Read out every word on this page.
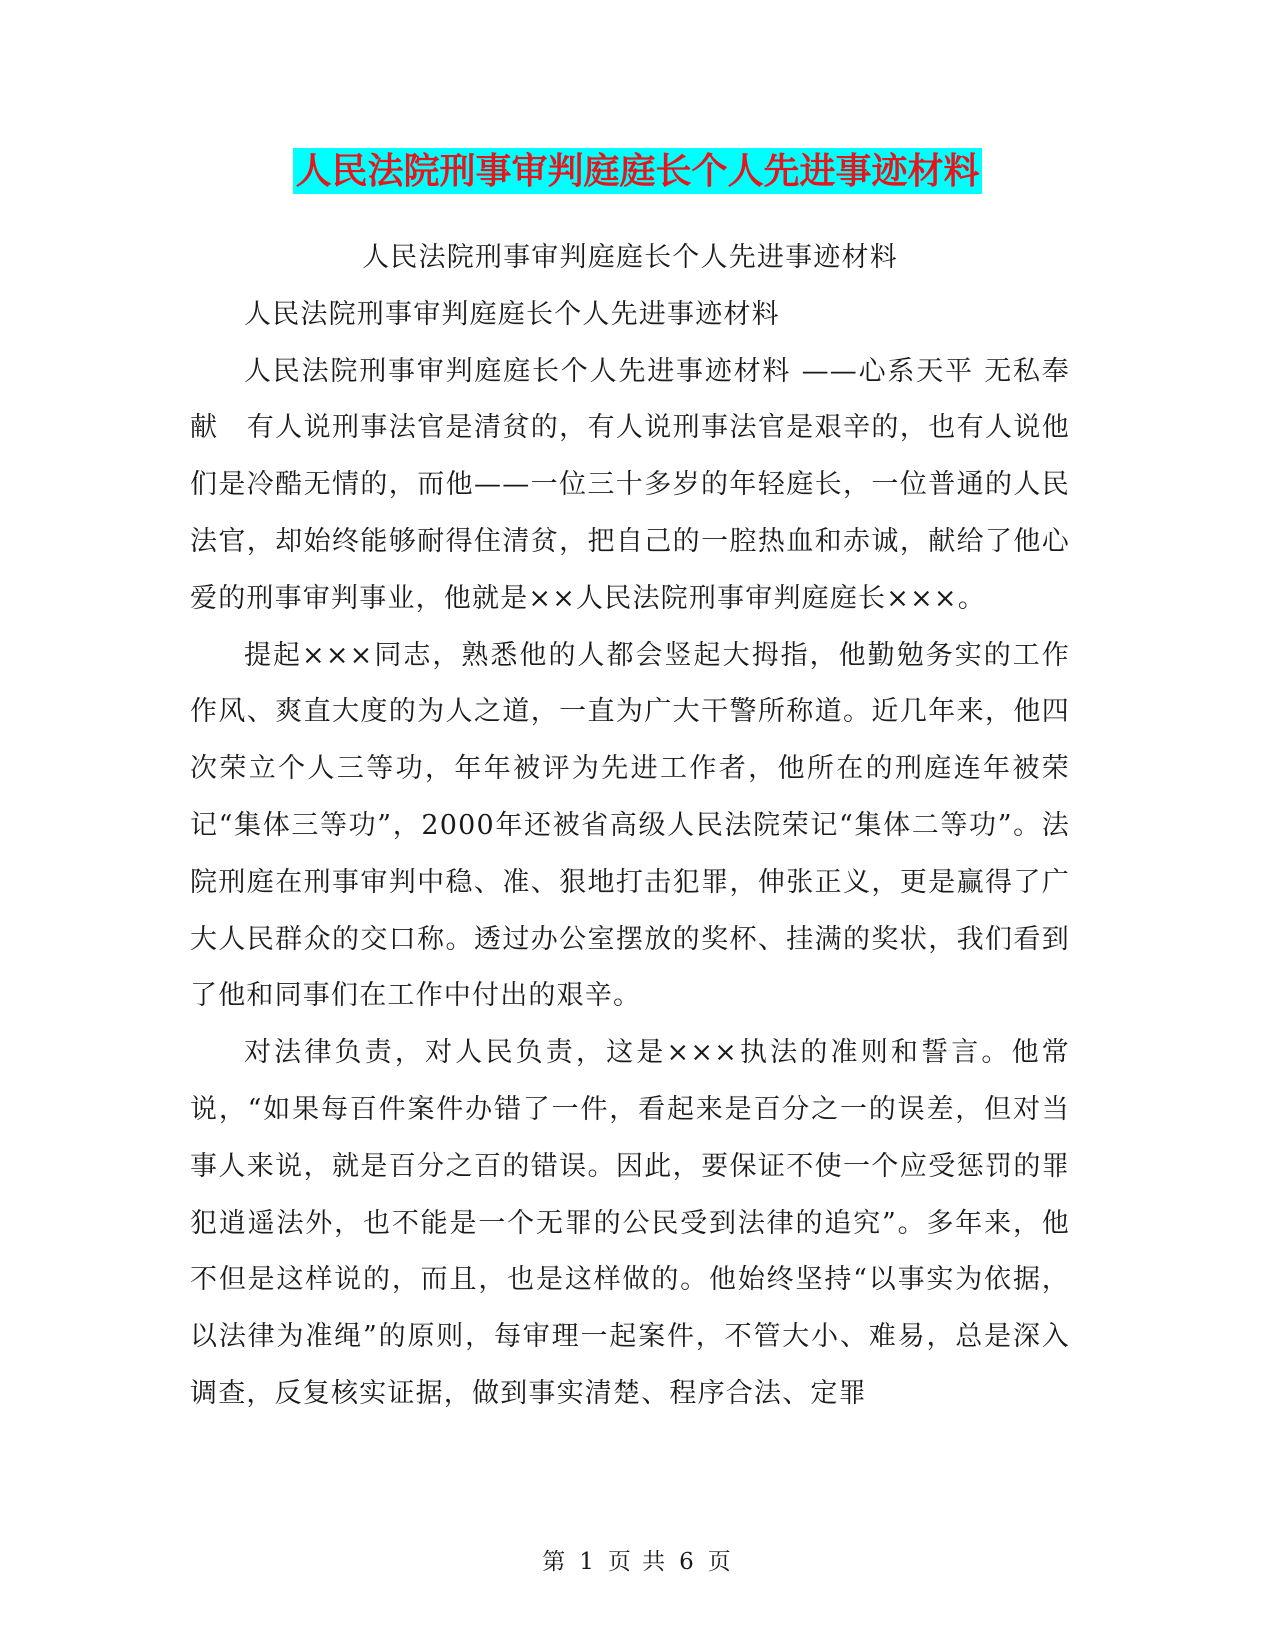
人民法院刑事审判庭庭长个人先进事迹材料

人民法院刑事审判庭庭长个人先进事迹材料

人民法院刑事审判庭庭长个人先进事迹材料

人民法院刑事审判庭庭长个人先进事迹材料 ——心系天平 无私奉献　有人说刑事法官是清贫的，有人说刑事法官是艰辛的，也有人说他们是冷酷无情的，而他——一位三十多岁的年轻庭长，一位普通的人民法官，却始终能够耐得住清贫，把自己的一腔热血和赤诚，献给了他心爱的刑事审判事业，他就是××人民法院刑事审判庭庭长×××。

提起×××同志，熟悉他的人都会竖起大拇指，他勤勉务实的工作作风、爽直大度的为人之道，一直为广大干警所称道。近几年来，他四次荣立个人三等功，年年被评为先进工作者，他所在的刑庭连年被荣记“集体三等功”，2000年还被省高级人民法院荣记“集体二等功”。法院刑庭在刑事审判中稳、准、狠地打击犯罪，伸张正义，更是赢得了广大人民群众的交口称。透过办公室摆放的奖杯、挂满的奖状，我们看到了他和同事们在工作中付出的艰辛。

对法律负责，对人民负责，这是×××执法的准则和誓言。他常说，“如果每百件案件办错了一件，看起来是百分之一的误差，但对当事人来说，就是百分之百的错误。因此，要保证不使一个应受惩罚的罪犯逍遥法外，也不能是一个无罪的公民受到法律的追究”。多年来，他不但是这样说的，而且，也是这样做的。他始终坚持“以事实为依据，以法律为准绳”的原则，每审理一起案件，不管大小、难易，总是深入调查，反复核实证据，做到事实清楚、程序合法、定罪

第 1 页 共 6 页
